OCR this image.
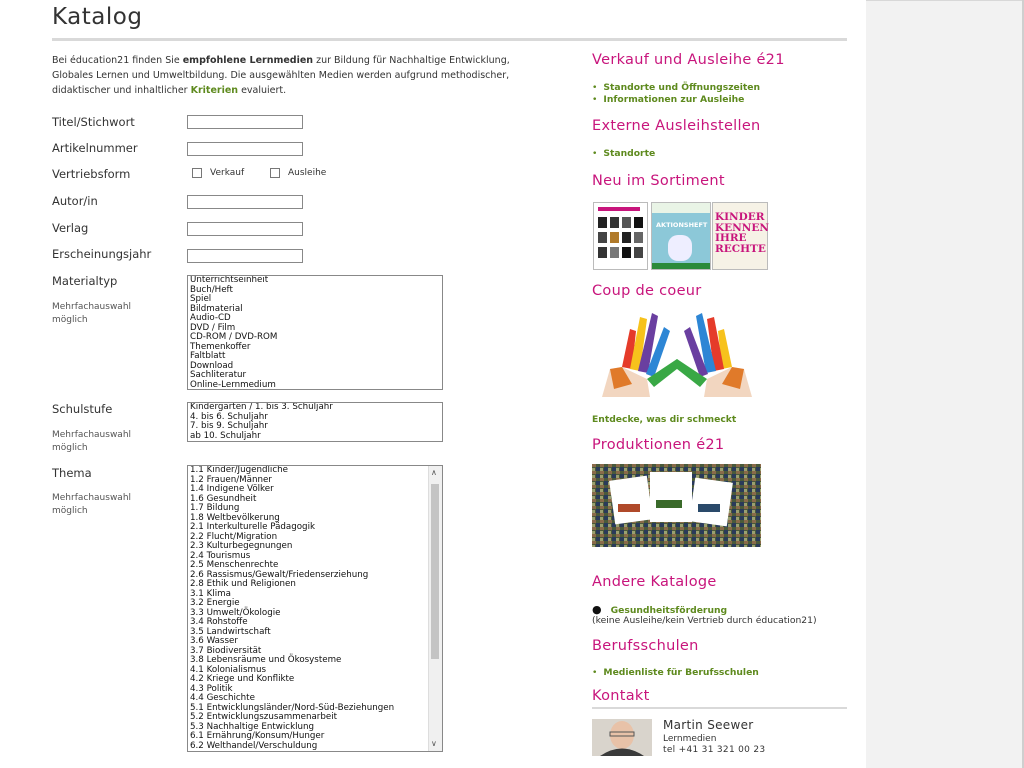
Katalog
Bei éducation21 finden Sie empfohlene Lernmedien zur Bildung für Nachhaltige Entwicklung, Globales Lernen und Umweltbildung. Die ausgewählten Medien werden aufgrund methodischer, didaktischer und inhaltlicher Kriterien evaluiert.
Titel/Stichwort
Artikelnummer
Vertriebsform	Verkauf	Ausleihe
Autor/in
Verlag
Erscheinungsjahr
Materialtyp
Mehrfachauswahl möglich
Unterrichtseinheit
Buch/Heft
Spiel
Bildmaterial
Audio-CD
DVD / Film
CD-ROM / DVD-ROM
Themenkoffer
Faltblatt
Download
Sachliteratur
Online-Lernmedium
Schulstufe
Mehrfachauswahl möglich
Kindergarten / 1. bis 3. Schuljahr
4. bis 6. Schuljahr
7. bis 9. Schuljahr
ab 10. Schuljahr
Thema
Mehrfachauswahl möglich
1.1 Kinder/Jugendliche
1.2 Frauen/Männer
1.4 Indigene Völker
1.6 Gesundheit
1.7 Bildung
1.8 Weltbevölkerung
2.1 Interkulturelle Pädagogik
2.2 Flucht/Migration
2.3 Kulturbegegnungen
2.4 Tourismus
2.5 Menschenrechte
2.6 Rassismus/Gewalt/Friedenserziehung
2.8 Ethik und Religionen
3.1 Klima
3.2 Energie
3.3 Umwelt/Ökologie
3.4 Rohstoffe
3.5 Landwirtschaft
3.6 Wasser
3.7 Biodiversität
3.8 Lebensräume und Ökosysteme
4.1 Kolonialismus
4.2 Kriege und Konflikte
4.3 Politik
4.4 Geschichte
5.1 Entwicklungsländer/Nord-Süd-Beziehungen
5.2 Entwicklungszusammenarbeit
5.3 Nachhaltige Entwicklung
6.1 Ernährung/Konsum/Hunger
6.2 Welthandel/Verschuldung
∧
∨
Verkauf und Ausleihe é21
• Standorte und Öffnungszeiten
• Informationen zur Ausleihe
Externe Ausleihstellen
• Standorte
Neu im Sortiment
AKTIONSHEFT
KINDER KENNEN IHRE RECHTE
Coup de coeur
Entdecke, was dir schmeckt
Produktionen é21
Andere Kataloge
● Gesundheitsförderung
(keine Ausleihe/kein Vertrieb durch éducation21)
Berufsschulen
• Medienliste für Berufsschulen
Kontakt
Martin Seewer
Lernmedien
tel +41 31 321 00 23
